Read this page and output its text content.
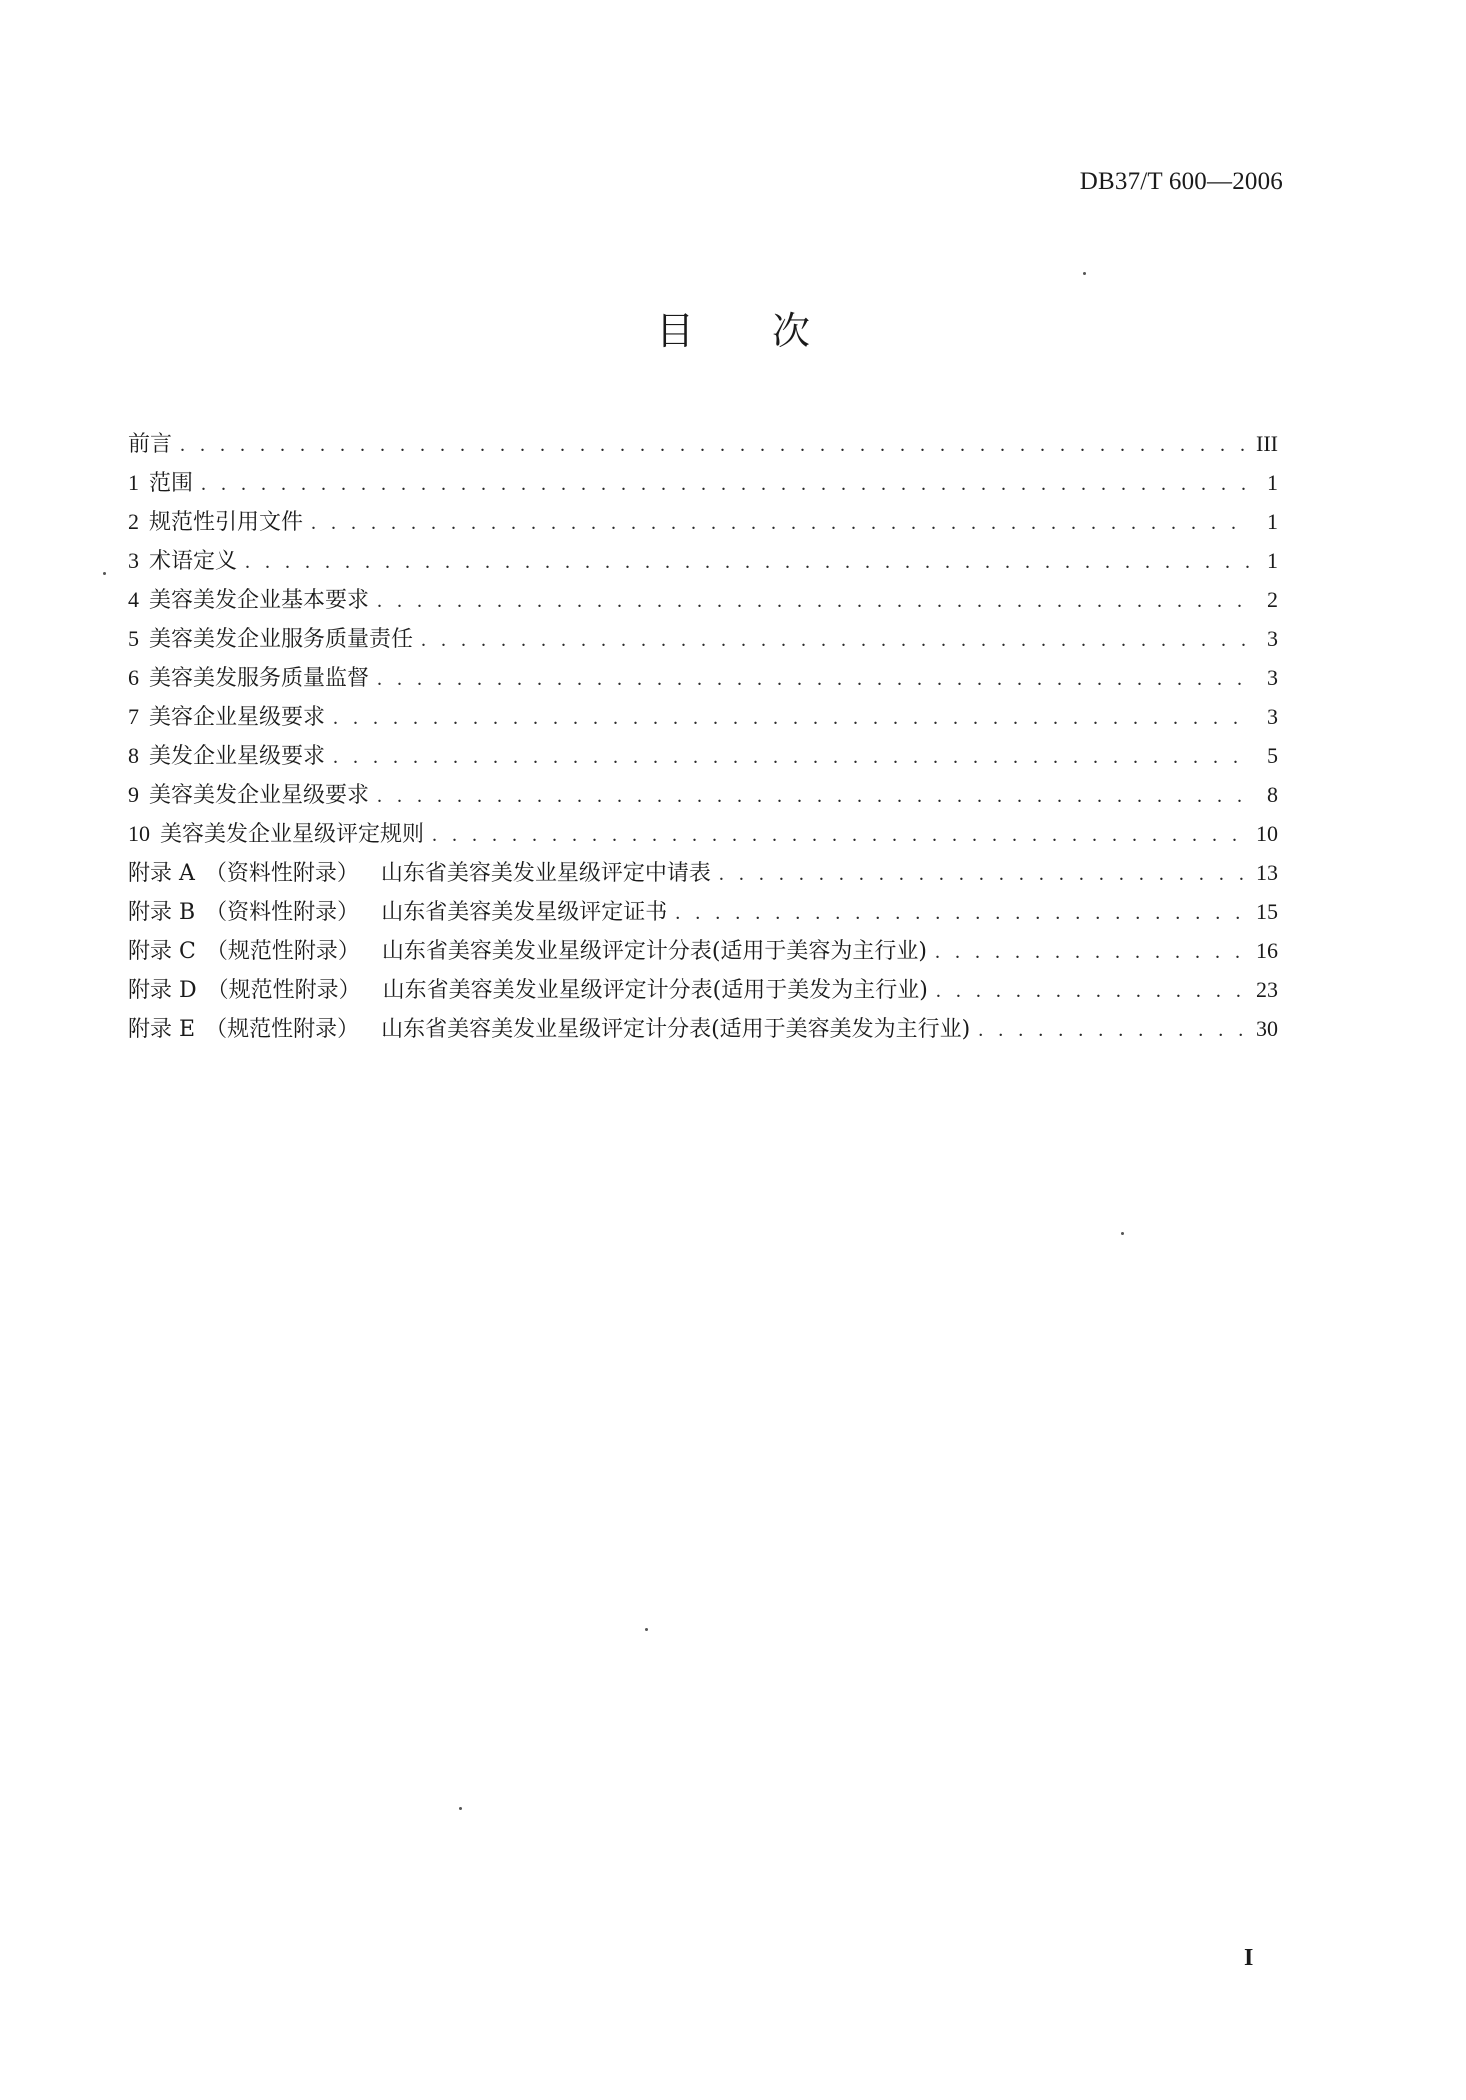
DB37/T 600—2006
目 次
前言 . . .	III
1 范围 . . .	1
2 规范性引用文件 . . .	1
3 术语定义 . . .	1
4 美容美发企业基本要求 . . .	2
5 美容美发企业服务质量责任 . . .	3
6 美容美发服务质量监督 . . .	3
7 美容企业星级要求 . . .	3
8 美发企业星级要求 . . .	5
9 美容美发企业星级要求 . . .	8
10 美容美发企业星级评定规则 . . .	10
附录 A （资料性附录） 山东省美容美发业星级评定中请表 . . .	13
附录 B （资料性附录） 山东省美容美发星级评定证书 . . .	15
附录 C （规范性附录） 山东省美容美发业星级评定计分表(适用于美容为主行业) . . .	16
附录 D （规范性附录） 山东省美容美发业星级评定计分表(适用于美发为主行业) . . .	23
附录 E （规范性附录） 山东省美容美发业星级评定计分表(适用于美容美发为主行业) . . .	30
I
